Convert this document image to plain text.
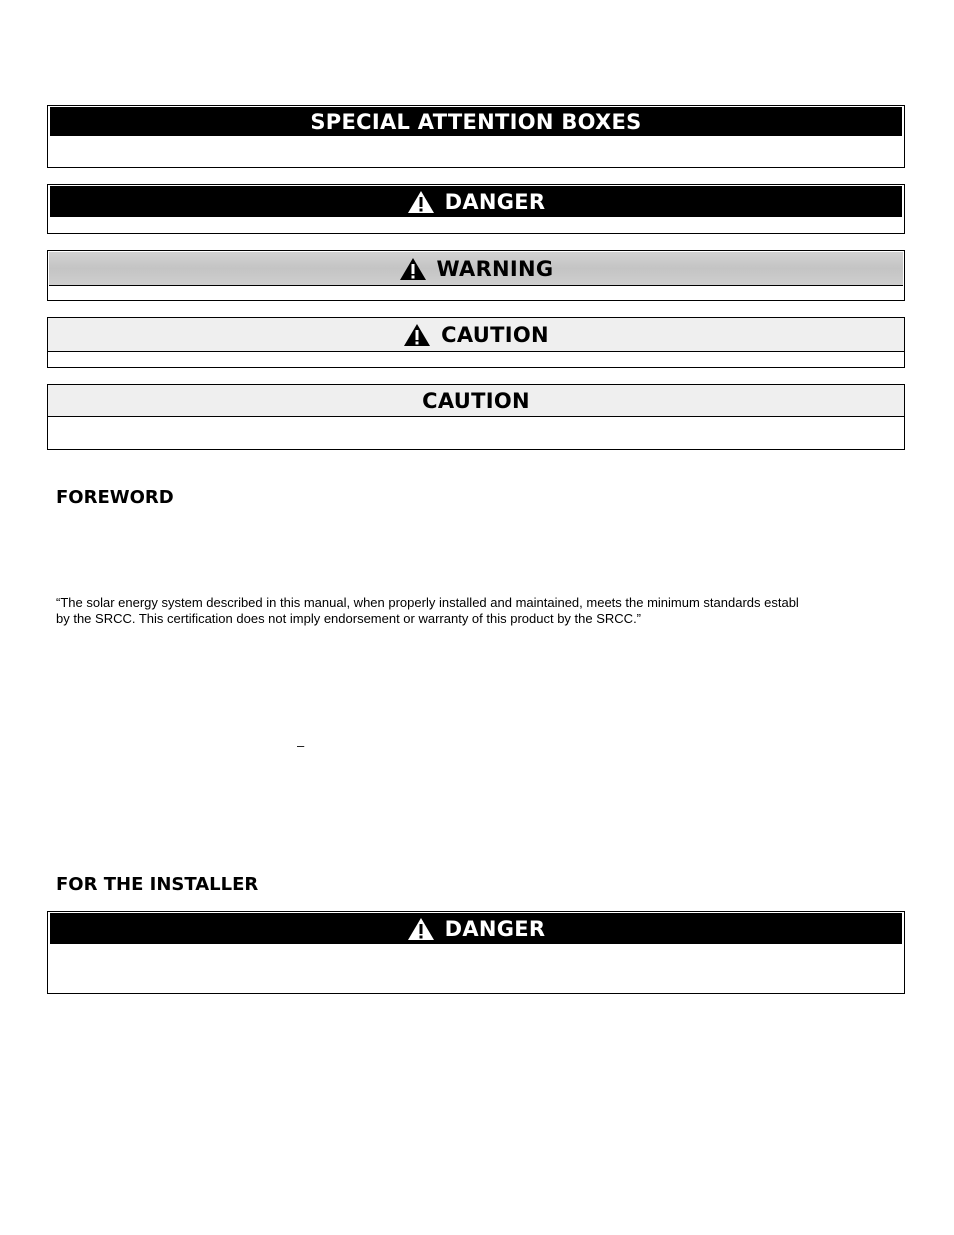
SPECIAL ATTENTION BOXES
DANGER
WARNING
CAUTION
CAUTION
FOREWORD

“The solar energy system described in this manual, when properly installed and maintained, meets the minimum standards establ

by the SRCC. This certification does not imply endorsement or warranty of this product by the SRCC.”

–
FOR THE INSTALLER
DANGER
